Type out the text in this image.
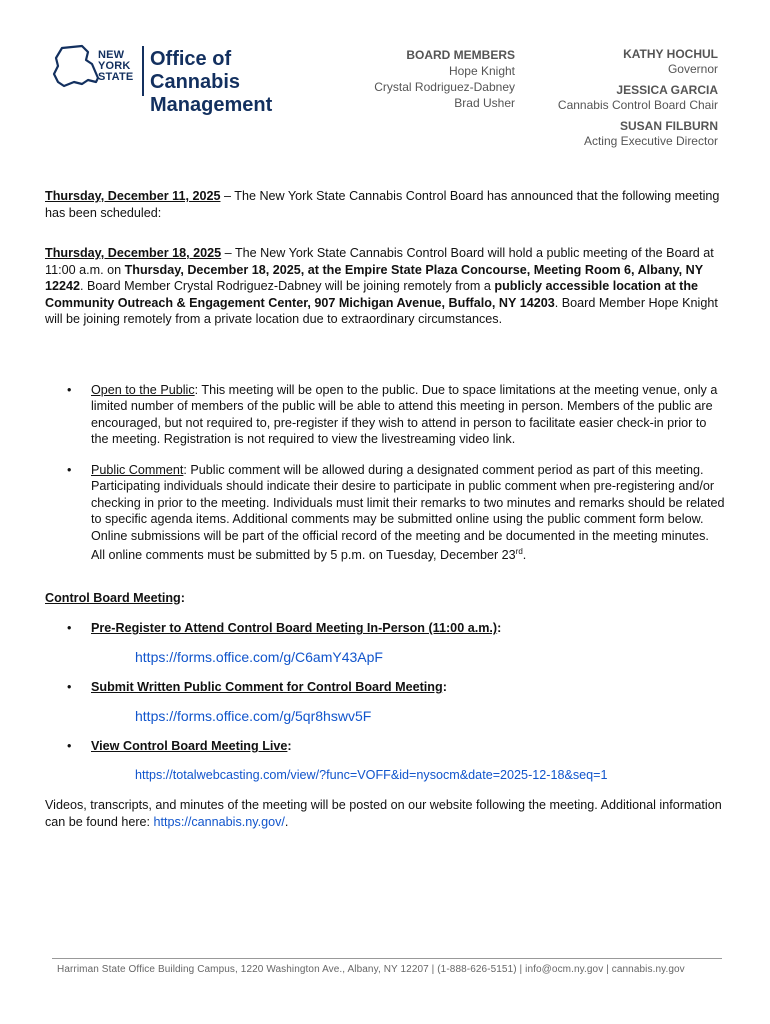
NEW
YORK
STATE
Office of Cannabis
Management
BOARD MEMBERS
Hope Knight
Crystal Rodriguez-Dabney
Brad Usher
KATHY HOCHUL
Governor
JESSICA GARCIA
Cannabis Control Board Chair
SUSAN FILBURN
Acting Executive Director

Thursday, December 11, 2025 – The New York State Cannabis Control Board has announced that the following meeting has been scheduled:

Thursday, December 18, 2025 – The New York State Cannabis Control Board will hold a public meeting of the Board at 11:00 a.m. on Thursday, December 18, 2025, at the Empire State Plaza Concourse, Meeting Room 6, Albany, NY 12242. Board Member Crystal Rodriguez-Dabney will be joining remotely from a publicly accessible location at the Community Outreach & Engagement Center, 907 Michigan Avenue, Buffalo, NY 14203. Board Member Hope Knight will be joining remotely from a private location due to extraordinary circumstances.

• Open to the Public: This meeting will be open to the public. Due to space limitations at the meeting venue, only a limited number of members of the public will be able to attend this meeting in person. Members of the public are encouraged, but not required to, pre-register if they wish to attend in person to facilitate easier check-in prior to the meeting. Registration is not required to view the livestreaming video link.
• Public Comment: Public comment will be allowed during a designated comment period as part of this meeting. Participating individuals should indicate their desire to participate in public comment when pre-registering and/or checking in prior to the meeting. Individuals must limit their remarks to two minutes and remarks should be related to specific agenda items. Additional comments may be submitted online using the public comment form below. Online submissions will be part of the official record of the meeting and be documented in the meeting minutes. All online comments must be submitted by 5 p.m. on Tuesday, December 23rd.

Control Board Meeting:

• Pre-Register to Attend Control Board Meeting In-Person (11:00 a.m.):
https://forms.office.com/g/C6amY43ApF
• Submit Written Public Comment for Control Board Meeting:
https://forms.office.com/g/5qr8hswv5F
• View Control Board Meeting Live:
https://totalwebcasting.com/view/?func=VOFF&id=nysocm&date=2025-12-18&seq=1

Videos, transcripts, and minutes of the meeting will be posted on our website following the meeting. Additional information can be found here: https://cannabis.ny.gov/.

Harriman State Office Building Campus, 1220 Washington Ave., Albany, NY 12207 | (1-888-626-5151) | info@ocm.ny.gov | cannabis.ny.gov
